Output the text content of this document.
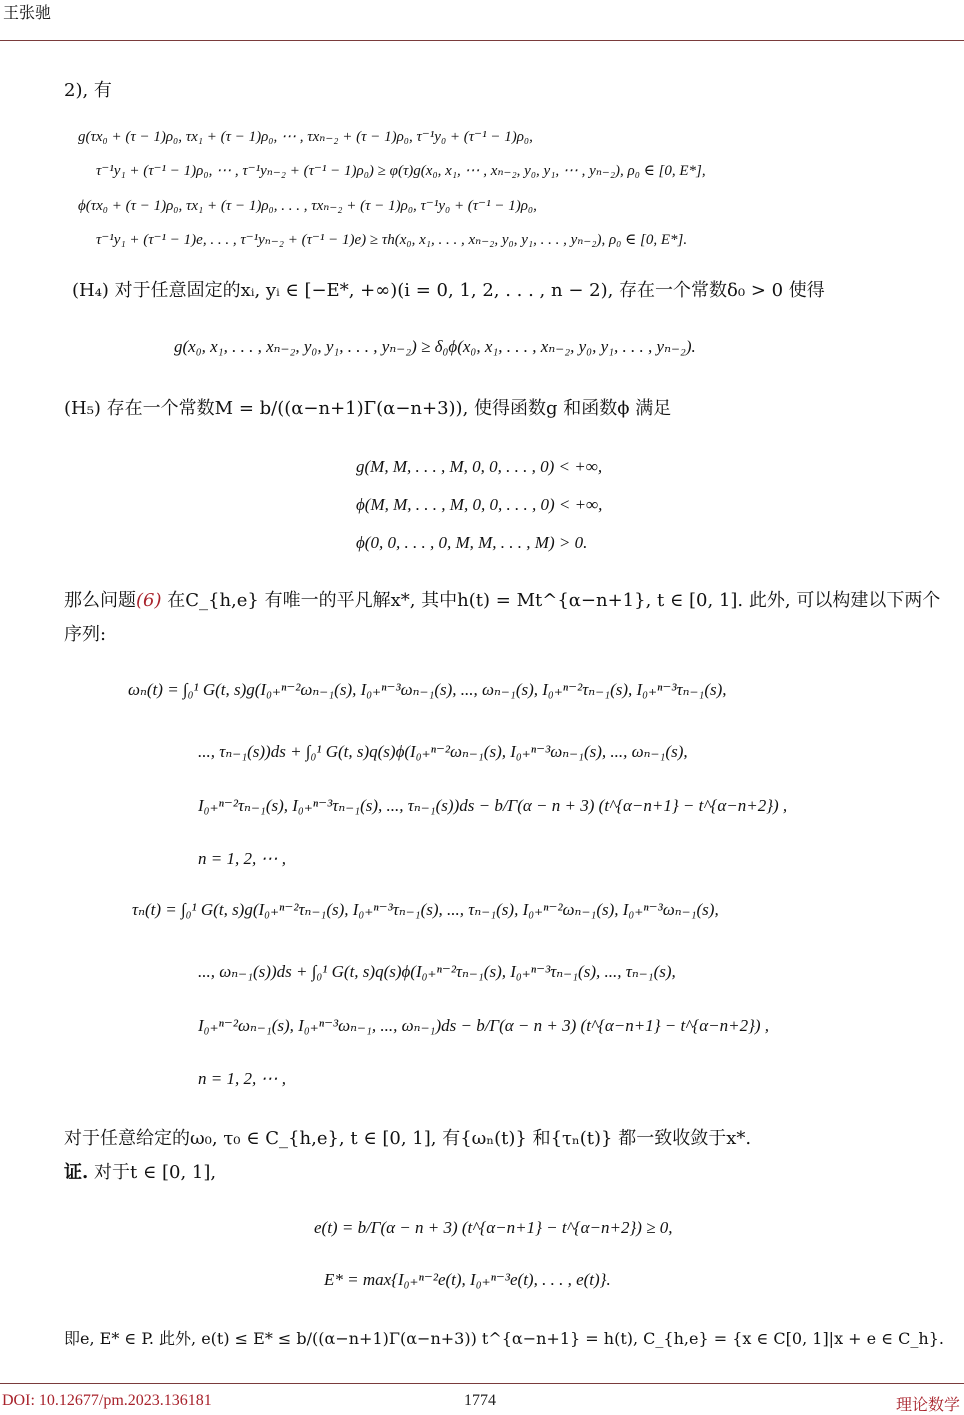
王张驰
2), 有
g(τx₀ + (τ − 1)ρ₀, τx₁ + (τ − 1)ρ₀, ⋯ , τxₙ₋₂ + (τ − 1)ρ₀, τ⁻¹y₀ + (τ⁻¹ − 1)ρ₀,
τ⁻¹y₁ + (τ⁻¹ − 1)ρ₀, ⋯ , τ⁻¹yₙ₋₂ + (τ⁻¹ − 1)ρ₀) ≥ φ(τ)g(x₀, x₁, ⋯ , xₙ₋₂, y₀, y₁, ⋯ , yₙ₋₂), ρ₀ ∈ [0, E*],
ϕ(τx₀ + (τ − 1)ρ₀, τx₁ + (τ − 1)ρ₀, . . . , τxₙ₋₂ + (τ − 1)ρ₀, τ⁻¹y₀ + (τ⁻¹ − 1)ρ₀,
τ⁻¹y₁ + (τ⁻¹ − 1)e, . . . , τ⁻¹yₙ₋₂ + (τ⁻¹ − 1)e) ≥ τh(x₀, x₁, . . . , xₙ₋₂, y₀, y₁, . . . , yₙ₋₂), ρ₀ ∈ [0, E*].
(H₄) 对于任意固定的xᵢ, yᵢ ∈ [−E*, +∞)(i = 0, 1, 2, . . . , n − 2), 存在一个常数δ₀ > 0 使得
g(x₀, x₁, . . . , xₙ₋₂, y₀, y₁, . . . , yₙ₋₂) ≥ δ₀ϕ(x₀, x₁, . . . , xₙ₋₂, y₀, y₁, . . . , yₙ₋₂).
(H₅) 存在一个常数M = b/((α−n+1)Γ(α−n+3)), 使得函数g 和函数ϕ 满足
g(M, M, . . . , M, 0, 0, . . . , 0) < +∞,
ϕ(M, M, . . . , M, 0, 0, . . . , 0) < +∞,
ϕ(0, 0, . . . , 0, M, M, . . . , M) > 0.
那么问题(6) 在C_{h,e} 有唯一的平凡解x*, 其中h(t) = Mt^{α−n+1}, t ∈ [0, 1]. 此外, 可以构建以下两个
序列:
ωₙ(t) = ∫₀¹ G(t, s)g(I₀₊ⁿ⁻²ωₙ₋₁(s), I₀₊ⁿ⁻³ωₙ₋₁(s), ..., ωₙ₋₁(s), I₀₊ⁿ⁻²τₙ₋₁(s), I₀₊ⁿ⁻³τₙ₋₁(s),
..., τₙ₋₁(s))ds + ∫₀¹ G(t, s)q(s)ϕ(I₀₊ⁿ⁻²ωₙ₋₁(s), I₀₊ⁿ⁻³ωₙ₋₁(s), ..., ωₙ₋₁(s),
I₀₊ⁿ⁻²τₙ₋₁(s), I₀₊ⁿ⁻³τₙ₋₁(s), ..., τₙ₋₁(s))ds − b/Γ(α − n + 3) (t^{α−n+1} − t^{α−n+2}) ,
n = 1, 2, ⋯ ,
τₙ(t) = ∫₀¹ G(t, s)g(I₀₊ⁿ⁻²τₙ₋₁(s), I₀₊ⁿ⁻³τₙ₋₁(s), ..., τₙ₋₁(s), I₀₊ⁿ⁻²ωₙ₋₁(s), I₀₊ⁿ⁻³ωₙ₋₁(s),
..., ωₙ₋₁(s))ds + ∫₀¹ G(t, s)q(s)ϕ(I₀₊ⁿ⁻²τₙ₋₁(s), I₀₊ⁿ⁻³τₙ₋₁(s), ..., τₙ₋₁(s),
I₀₊ⁿ⁻²ωₙ₋₁(s), I₀₊ⁿ⁻³ωₙ₋₁, ..., ωₙ₋₁)ds − b/Γ(α − n + 3) (t^{α−n+1} − t^{α−n+2}) ,
n = 1, 2, ⋯ ,
对于任意给定的ω₀, τ₀ ∈ C_{h,e}, t ∈ [0, 1], 有{ωₙ(t)} 和{τₙ(t)} 都一致收敛于x*.
证. 对于t ∈ [0, 1],
e(t) = b/Γ(α − n + 3) (t^{α−n+1} − t^{α−n+2}) ≥ 0,
E* = max{I₀₊ⁿ⁻²e(t), I₀₊ⁿ⁻³e(t), . . . , e(t)}.
即e, E* ∈ P. 此外, e(t) ≤ E* ≤ b/((α−n+1)Γ(α−n+3)) t^{α−n+1} = h(t), C_{h,e} = {x ∈ C[0, 1]|x + e ∈ C_h}.
DOI: 10.12677/pm.2023.136181	1774	理论数学
